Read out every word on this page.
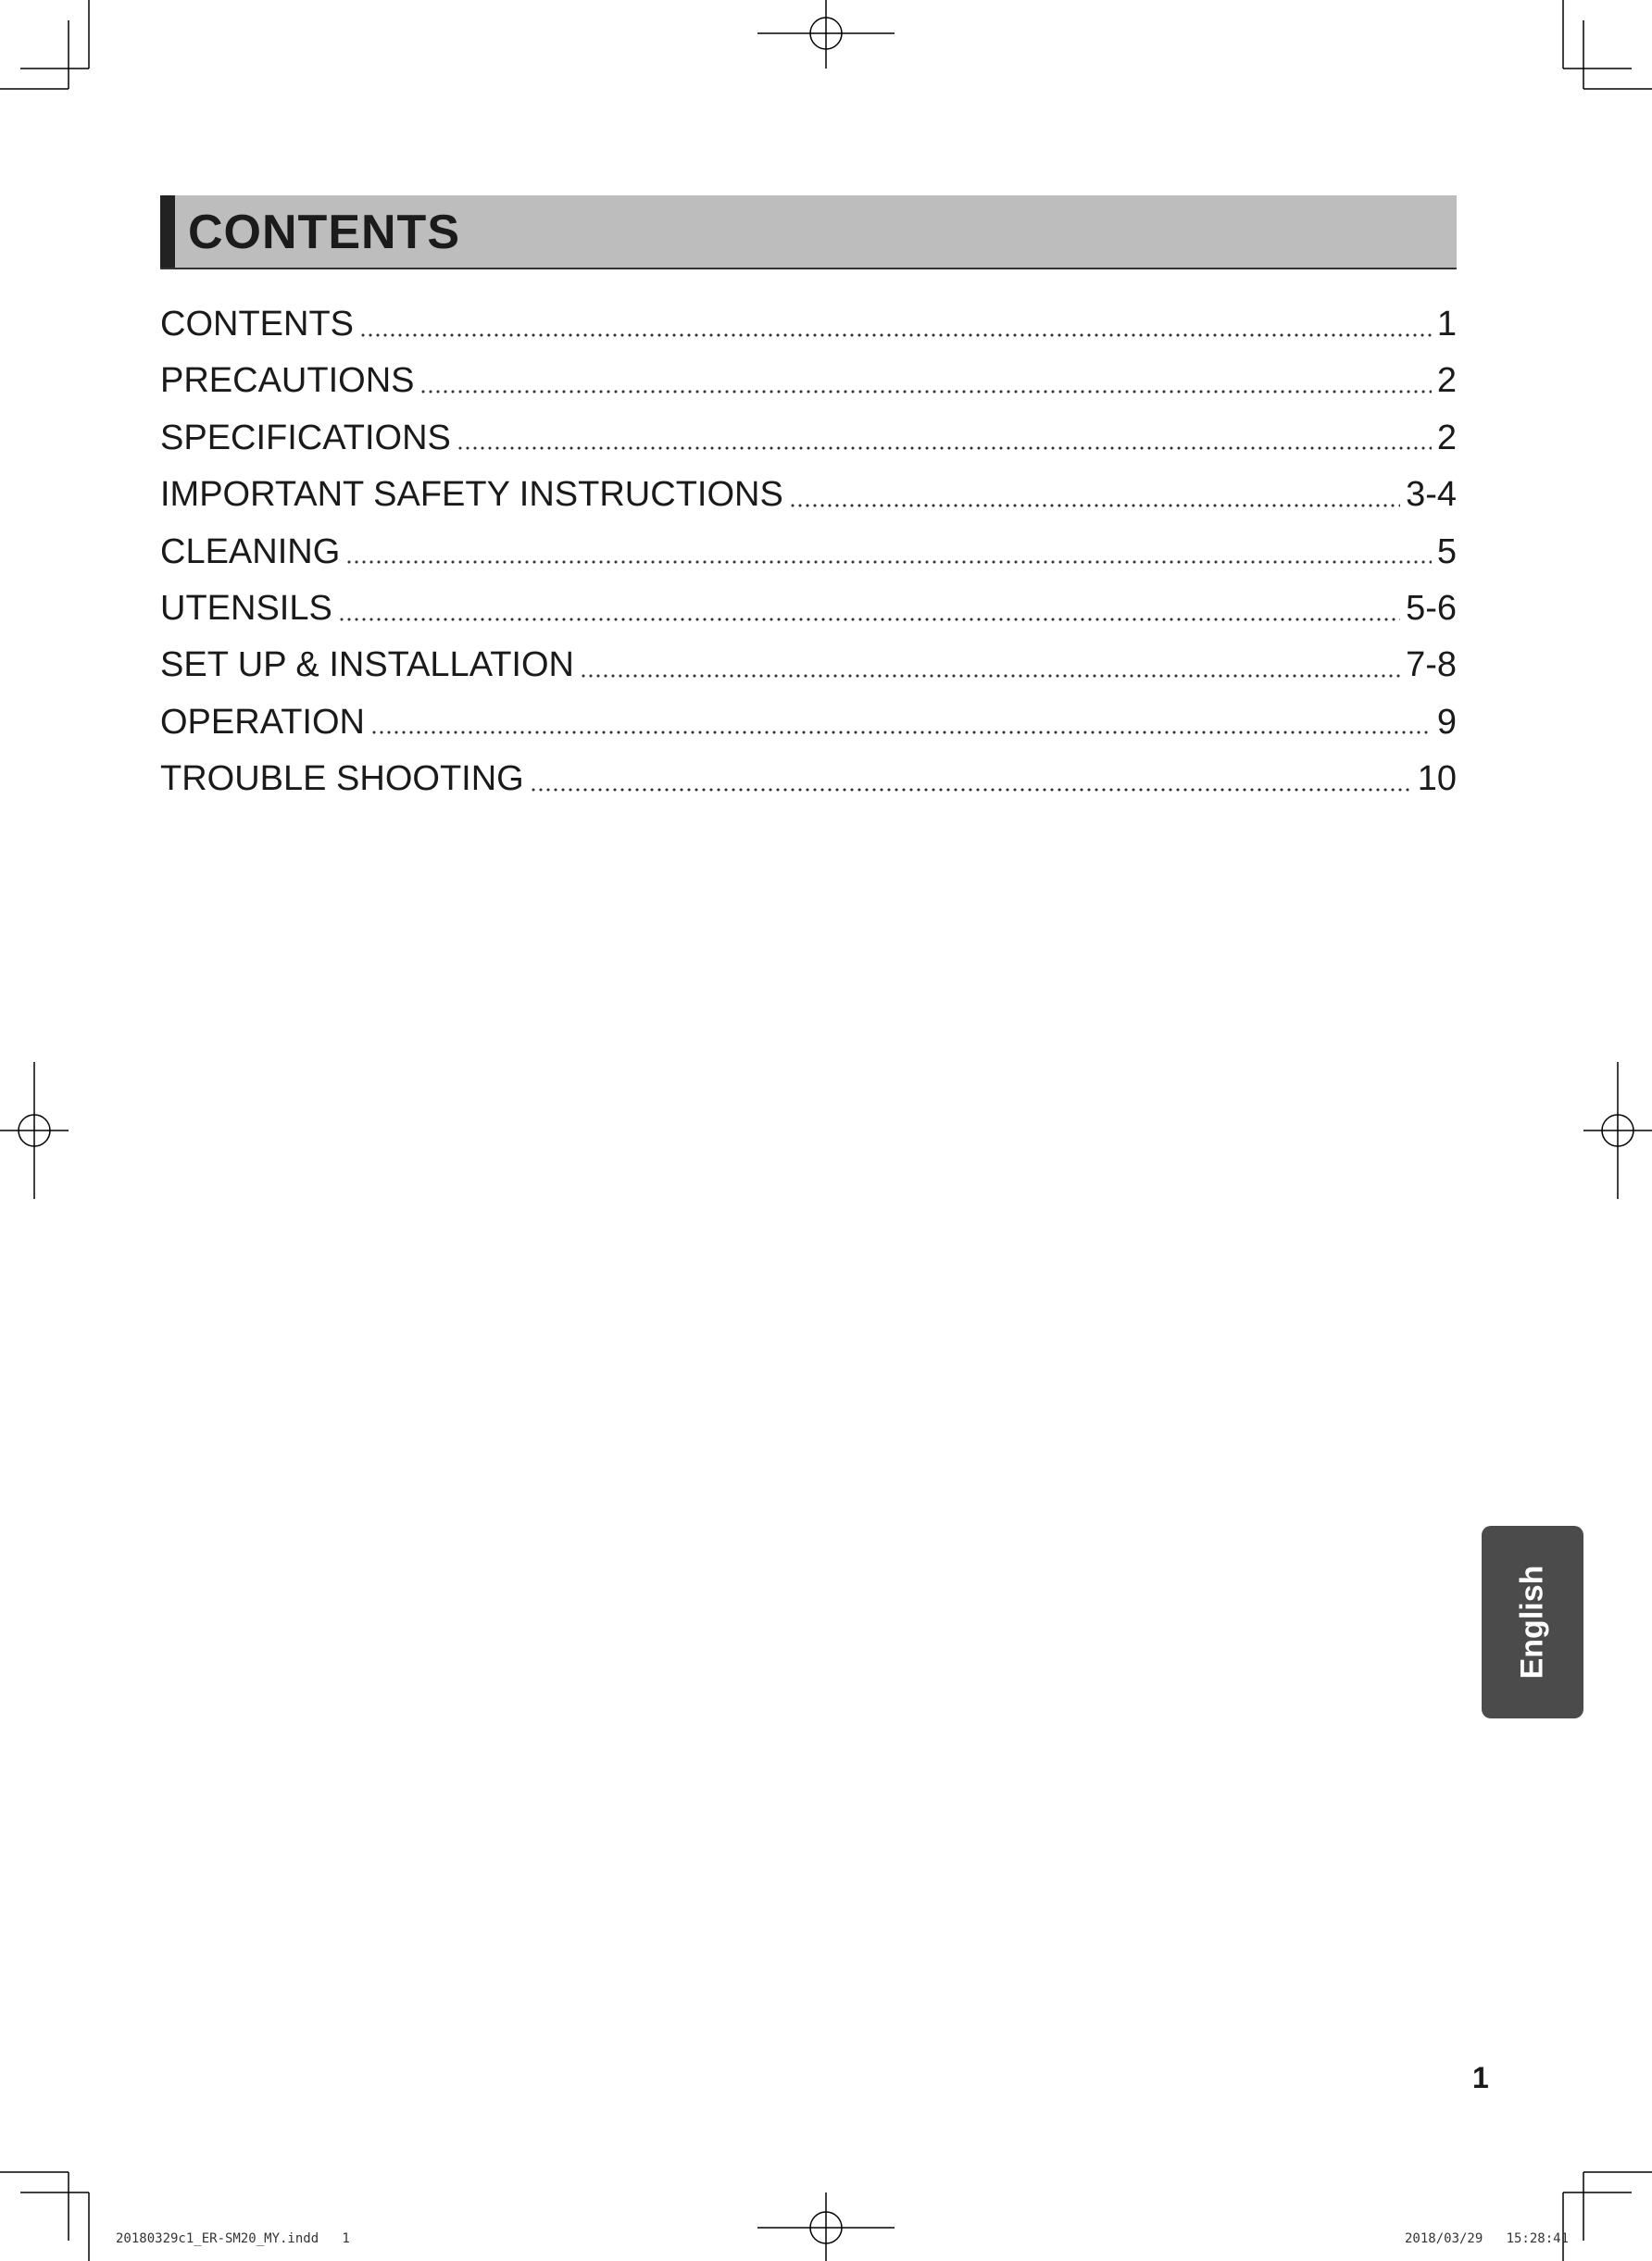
CONTENTS
CONTENTS	1
PRECAUTIONS	2
SPECIFICATIONS	2
IMPORTANT SAFETY INSTRUCTIONS	3-4
CLEANING	5
UTENSILS	5-6
SET UP & INSTALLATION	7-8
OPERATION	9
TROUBLE SHOOTING	10
English
1
20180329c1_ER-SM20_MY.indd   1	2018/03/29   15:28:41
